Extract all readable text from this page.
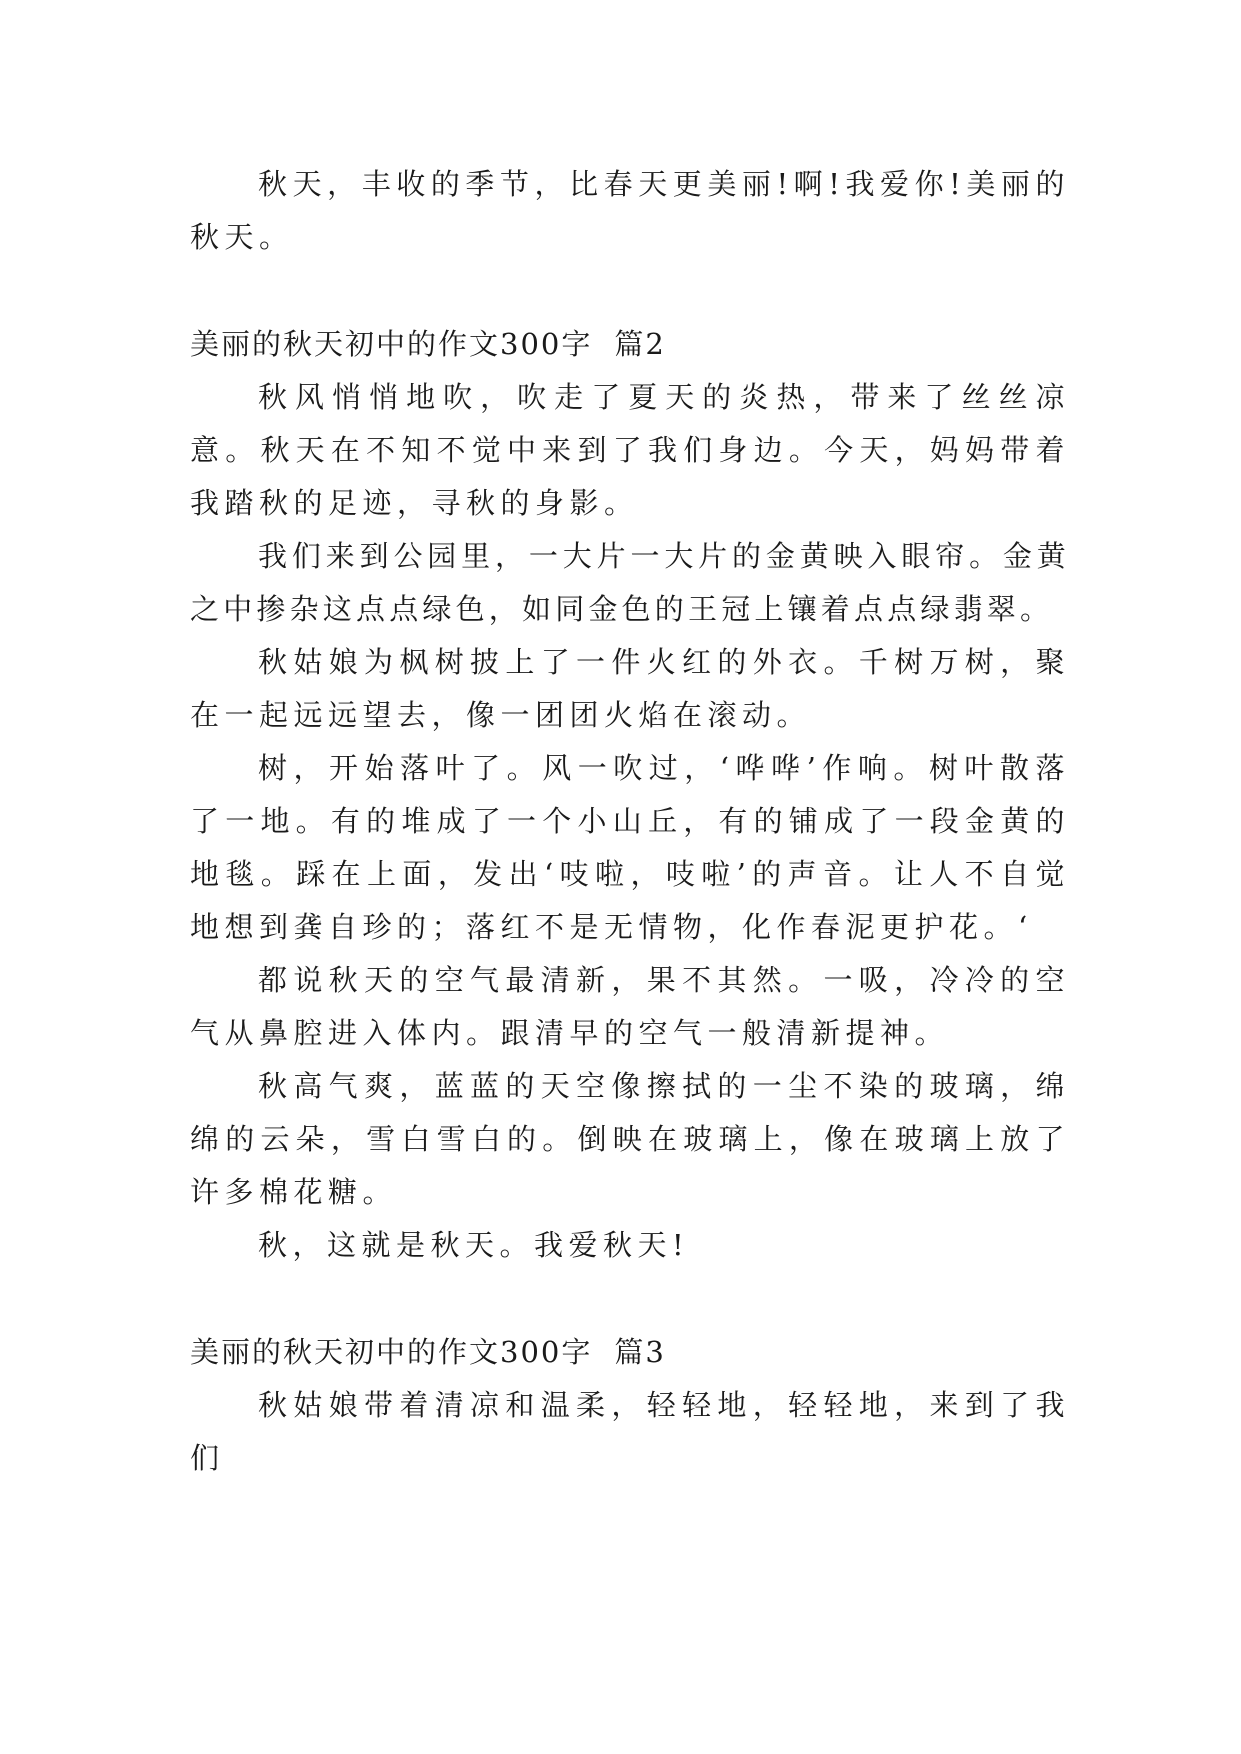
秋天，丰收的季节，比春天更美丽!啊!我爱你!美丽的秋天。

美丽的秋天初中的作文300字 篇2

秋风悄悄地吹，吹走了夏天的炎热，带来了丝丝凉意。秋天在不知不觉中来到了我们身边。今天，妈妈带着我踏秋的足迹，寻秋的身影。

我们来到公园里，一大片一大片的金黄映入眼帘。金黄之中掺杂这点点绿色，如同金色的王冠上镶着点点绿翡翠。

秋姑娘为枫树披上了一件火红的外衣。千树万树，聚在一起远远望去，像一团团火焰在滚动。

树，开始落叶了。风一吹过，‘哗哗’作响。树叶散落了一地。有的堆成了一个小山丘，有的铺成了一段金黄的地毯。踩在上面，发出‘吱啦，吱啦’的声音。让人不自觉地想到龚自珍的；落红不是无情物，化作春泥更护花。‘

都说秋天的空气最清新，果不其然。一吸，冷冷的空气从鼻腔进入体内。跟清早的空气一般清新提神。

秋高气爽，蓝蓝的天空像擦拭的一尘不染的玻璃，绵绵的云朵，雪白雪白的。倒映在玻璃上，像在玻璃上放了许多棉花糖。

秋，这就是秋天。我爱秋天!

美丽的秋天初中的作文300字 篇3

秋姑娘带着清凉和温柔，轻轻地，轻轻地，来到了我们
